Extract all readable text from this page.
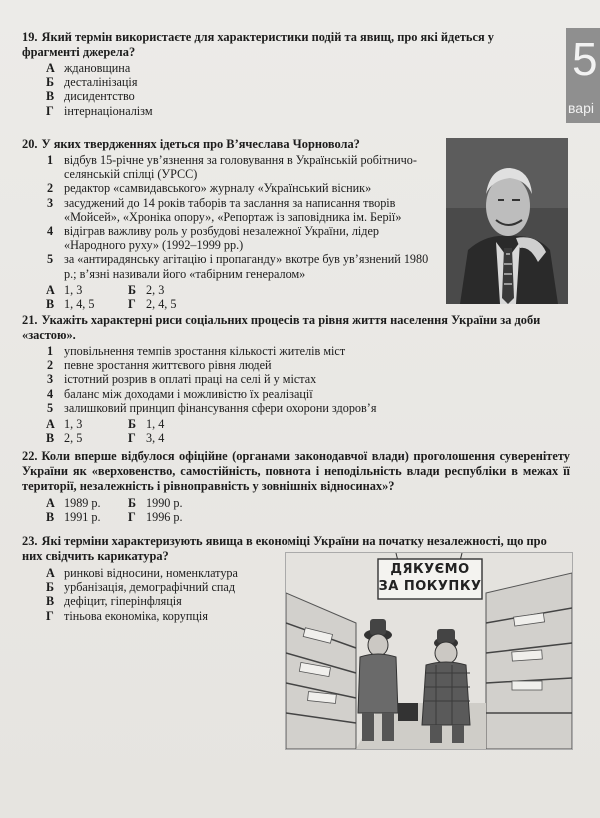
5
варі

19. Який термін використаєте для характеристики подій та явищ, про які йдеться у фрагменті джерела?

А ждановщина
Б десталінізація
В дисидентство
Г інтернаціоналізм

20. У яких твердженнях ідеться про В’ячеслава Чорновола?

1 відбув 15-річне ув’язнення за головування в Українській робітничо-селянській спілці (УРСС)
2 редактор «самвидавського» журналу «Український вісник»
3 засуджений до 14 років таборів та заслання за написання творів «Мойсей», «Хроніка опору», «Репортаж із заповідника ім. Берії»
4 відіграв важливу роль у розбудові незалежної України, лідер «Народного руху» (1992–1999 рр.)
5 за «антирадянську агітацію і пропаганду» вкотре був ув’язнений 1980 р.; в’язні називали його «табірним генералом»
А 1, 3	Б 2, 3
В 1, 4, 5	Г 2, 4, 5

21. Укажіть характерні риси соціальних процесів та рівня життя населення України за доби «застою».

1 уповільнення темпів зростання кількості жителів міст
2 певне зростання життєвого рівня людей
3 істотний розрив в оплаті праці на селі й у містах
4 баланс між доходами і можливістю їх реалізації
5 залишковий принцип фінансування сфери охорони здоров’я
А 1, 3	Б 1, 4
В 2, 5	Г 3, 4

22. Коли вперше відбулося офіційне (органами законодавчої влади) проголошення суверенітету України як «верховенство, самостійність, повнота і неподільність влади республіки в межах її території, незалежність і рівноправність у зовнішніх відносинах»?

А 1989 р.	Б 1990 р.
В 1991 р.	Г 1996 р.

23. Які терміни характеризують явища в економіці України на початку незалежності, що про них свідчить карикатура?

А ринкові відносини, номенклатура
Б урбанізація, демографічний спад
В дефіцит, гіперінфляція
Г тіньова економіка, корупція
ДЯКУЄМО
ЗА ПОКУПКУ
